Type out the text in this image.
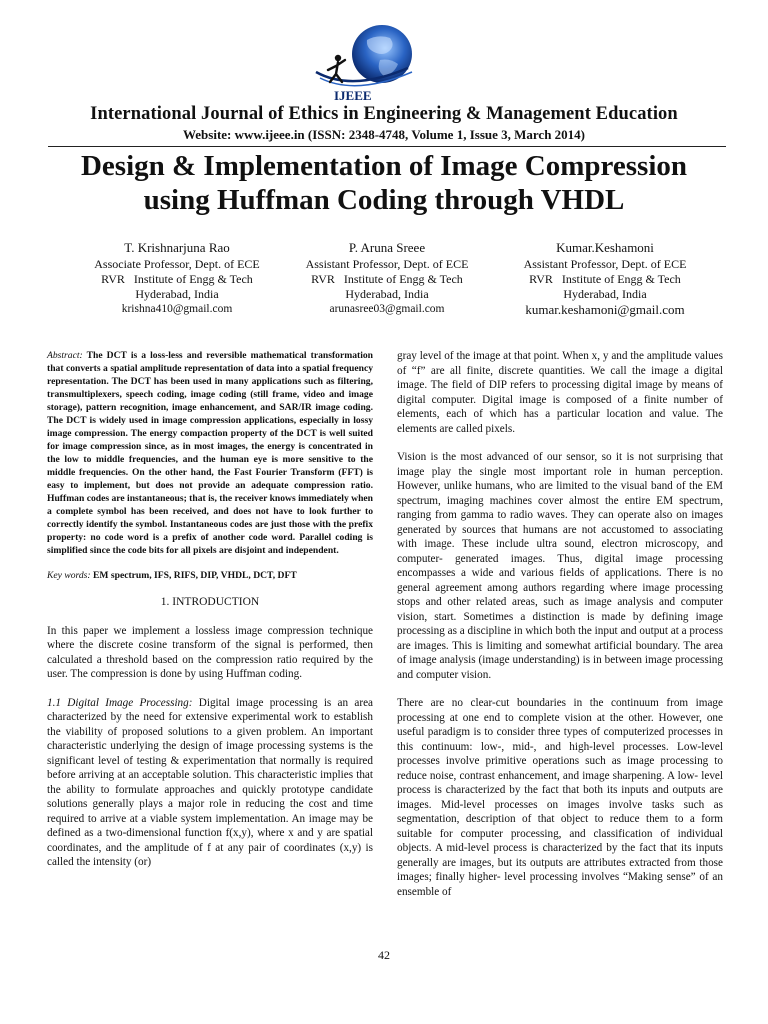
IJEEE
International Journal of Ethics in Engineering & Management Education
Website: www.ijeee.in (ISSN: 2348-4748, Volume 1, Issue 3, March 2014)
Design & Implementation of Image Compression
using Huffman Coding through VHDL
T. Krishnarjuna Rao
Associate Professor, Dept. of ECE
RVR   Institute of Engg & Tech
Hyderabad, India
krishna410@gmail.com
P. Aruna Sreee
Assistant Professor, Dept. of ECE
RVR   Institute of Engg & Tech
Hyderabad, India
arunasree03@gmail.com
Kumar.Keshamoni
Assistant Professor, Dept. of ECE
RVR   Institute of Engg & Tech
Hyderabad, India
kumar.keshamoni@gmail.com

Abstract: The DCT is a loss-less and reversible mathematical transformation that converts a spatial amplitude representation of data into a spatial frequency representation. The DCT has been used in many applications such as filtering, transmultiplexers, speech coding, image coding (still frame, video and image storage), pattern recognition, image enhancement, and SAR/IR image coding. The DCT is widely used in image compression applications, especially in lossy image compression. The energy compaction property of the DCT is well suited for image compression since, as in most images, the energy is concentrated in the low to middle frequencies, and the human eye is more sensitive to the middle frequencies. On the other hand, the Fast Fourier Transform (FFT) is easy to implement, but does not provide an adequate compression ratio. Huffman codes are instantaneous; that is, the receiver knows immediately when a complete symbol has been received, and does not have to look further to correctly identify the symbol. Instantaneous codes are just those with the prefix property: no code word is a prefix of another code word. Parallel coding is simplified since the code bits for all pixels are disjoint and independent.

Key words: EM spectrum, IFS, RIFS, DIP, VHDL, DCT, DFT

1. INTRODUCTION

In this paper we implement a lossless image compression technique where the discrete cosine transform of the signal is performed, then calculated a threshold based on the compression ratio required by the user. The compression is done by using Huffman coding.

1.1 Digital Image Processing: Digital image processing is an area characterized by the need for extensive experimental work to establish the viability of proposed solutions to a given problem. An important characteristic underlying the design of image processing systems is the significant level of testing & experimentation that normally is required before arriving at an acceptable solution. This characteristic implies that the ability to formulate approaches and quickly prototype candidate solutions generally plays a major role in reducing the cost and time required to arrive at a viable system implementation. An image may be defined as a two-dimensional function f(x,y), where x and y are spatial coordinates, and the amplitude of f at any pair of coordinates (x,y) is called the intensity (or)

gray level of the image at that point. When x, y and the amplitude values of “f” are all finite, discrete quantities. We call the image a digital image. The field of DIP refers to processing digital image by means of digital computer. Digital image is composed of a finite number of elements, each of which has a particular location and value. The elements are called pixels.

Vision is the most advanced of our sensor, so it is not surprising that image play the single most important role in human perception. However, unlike humans, who are limited to the visual band of the EM spectrum, imaging machines cover almost the entire EM spectrum, ranging from gamma to radio waves. They can operate also on images generated by sources that humans are not accustomed to associating with image. These include ultra sound, electron microscopy, and computer- generated images. Thus, digital image processing encompasses a wide and various fields of applications. There is no general agreement among authors regarding where image processing stops and other related areas, such as image analysis and computer vision, start. Sometimes a distinction is made by defining image processing as a discipline in which both the input and output at a process are images. This is limiting and somewhat artificial boundary. The area of image analysis (image understanding) is in between image processing and computer vision.

There are no clear-cut boundaries in the continuum from image processing at one end to complete vision at the other. However, one useful paradigm is to consider three types of computerized processes in this continuum: low-, mid-, and high-level processes. Low-level processes involve primitive operations such as image processing to reduce noise, contrast enhancement, and image sharpening. A low- level process is characterized by the fact that both its inputs and outputs are images. Mid-level processes on images involve tasks such as segmentation, description of that object to reduce them to a form suitable for computer processing, and classification of individual objects. A mid-level process is characterized by the fact that its inputs generally are images, but its outputs are attributes extracted from those images; finally higher- level processing involves “Making sense” of an ensemble of

42
